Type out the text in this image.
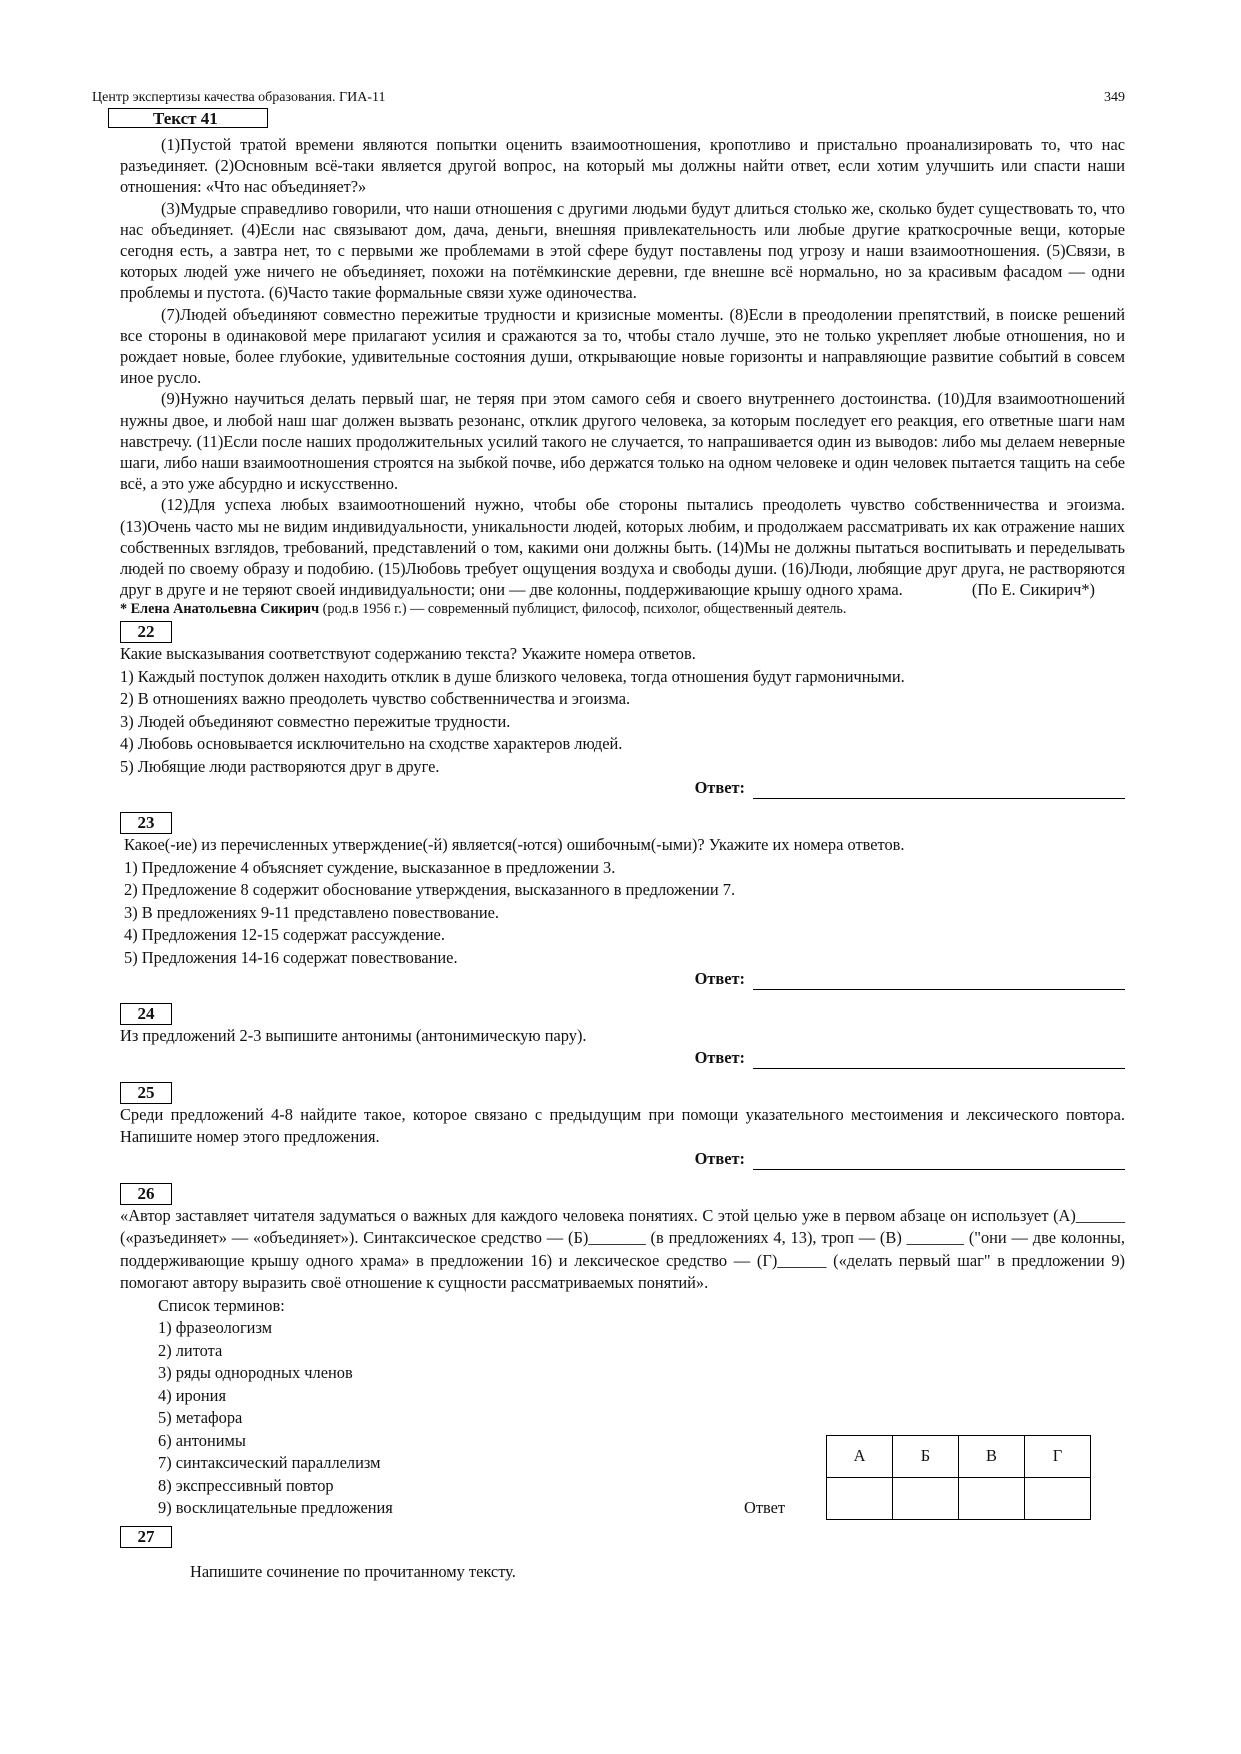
Центр экспертизы качества образования. ГИА-11	349
Текст 41

(1)Пустой тратой времени являются попытки оценить взаимоотношения, кропотливо и пристально проанализировать то, что нас разъединяет. (2)Основным всё-таки является другой вопрос, на который мы должны найти ответ, если хотим улучшить или спасти наши отношения: «Что нас объединяет?»

(3)Мудрые справедливо говорили, что наши отношения с другими людьми будут длиться столько же, сколько будет существовать то, что нас объединяет. (4)Если нас связывают дом, дача, деньги, внешняя привлекательность или любые другие краткосрочные вещи, которые сегодня есть, а завтра нет, то с первыми же проблемами в этой сфере будут поставлены под угрозу и наши взаимоотношения. (5)Связи, в которых людей уже ничего не объединяет, похожи на потёмкинские деревни, где внешне всё нормально, но за красивым фасадом — одни проблемы и пустота. (6)Часто такие формальные связи хуже одиночества.

(7)Людей объединяют совместно пережитые трудности и кризисные моменты. (8)Если в преодолении препятствий, в поиске решений все стороны в одинаковой мере прилагают усилия и сражаются за то, чтобы стало лучше, это не только укрепляет любые отношения, но и рождает новые, более глубокие, удивительные состояния души, открывающие новые горизонты и направляющие развитие событий в совсем иное русло.

(9)Нужно научиться делать первый шаг, не теряя при этом самого себя и своего внутреннего достоинства. (10)Для взаимоотношений нужны двое, и любой наш шаг должен вызвать резонанс, отклик другого человека, за которым последует его реакция, его ответные шаги нам навстречу. (11)Если после наших продолжительных усилий такого не случается, то напрашивается один из выводов: либо мы делаем неверные шаги, либо наши взаимоотношения строятся на зыбкой почве, ибо держатся только на одном человеке и один человек пытается тащить на себе всё, а это уже абсурдно и искусственно.

(12)Для успеха любых взаимоотношений нужно, чтобы обе стороны пытались преодолеть чувство собственничества и эгоизма. (13)Очень часто мы не видим индивидуальности, уникальности людей, которых любим, и продолжаем рассматривать их как отражение наших собственных взглядов, требований, представлений о том, какими они должны быть. (14)Мы не должны пытаться воспитывать и переделывать людей по своему образу и подобию. (15)Любовь требует ощущения воздуха и свободы души. (16)Люди, любящие друг друга, не растворяются друг в друге и не теряют своей индивидуальности; они — две колонны, поддерживающие крышу одного храма.	(По Е. Сикирич*)

* Елена Анатольевна Сикирич (род.в 1956 г.) — современный публицист, философ, психолог, общественный деятель.

22

Какие высказывания соответствуют содержанию текста? Укажите номера ответов.

1) Каждый поступок должен находить отклик в душе близкого человека, тогда отношения будут гармоничными.
2) В отношениях важно преодолеть чувство собственничества и эгоизма.
3) Людей объединяют совместно пережитые трудности.
4) Любовь основывается исключительно на сходстве характеров людей.
5) Любящие люди растворяются друг в друге.
Ответ:
23

Какое(-ие) из перечисленных утверждение(-й) является(-ются) ошибочным(-ыми)? Укажите их номера ответов.

1) Предложение 4 объясняет суждение, высказанное в предложении 3.
2) Предложение 8 содержит обоснование утверждения, высказанного в предложении 7.
3) В предложениях 9-11 представлено повествование.
4) Предложения 12-15 содержат рассуждение.
5) Предложения 14-16 содержат повествование.
Ответ:
24

Из предложений 2-3 выпишите антонимы (антонимическую пару).

Ответ:
25

Среди предложений 4-8 найдите такое, которое связано с предыдущим при помощи указательного местоимения и лексического повтора. Напишите номер этого предложения.

Ответ:
26

«Автор заставляет читателя задуматься о важных для каждого человека понятиях. С этой целью уже в первом абзаце он использует (А)______ («разъединяет» — «объединяет»). Синтаксическое средство — (Б)_______ (в предложениях 4, 13), троп — (В) _______ ("они — две колонны, поддерживающие крышу одного храма» в предложении 16) и лексическое средство — (Г)______ («делать первый шаг" в предложении 9) помогают автору выразить своё отношение к сущности рассматриваемых понятий».

Список терминов:
1) фразеологизм
2) литота
3) ряды однородных членов
4) ирония
5) метафора
6) антонимы
7) синтаксический параллелизм
8) экспрессивный повтор
9) восклицательные предложения	Ответ
А	Б	В	Г

27
Напишите сочинение по прочитанному тексту.
